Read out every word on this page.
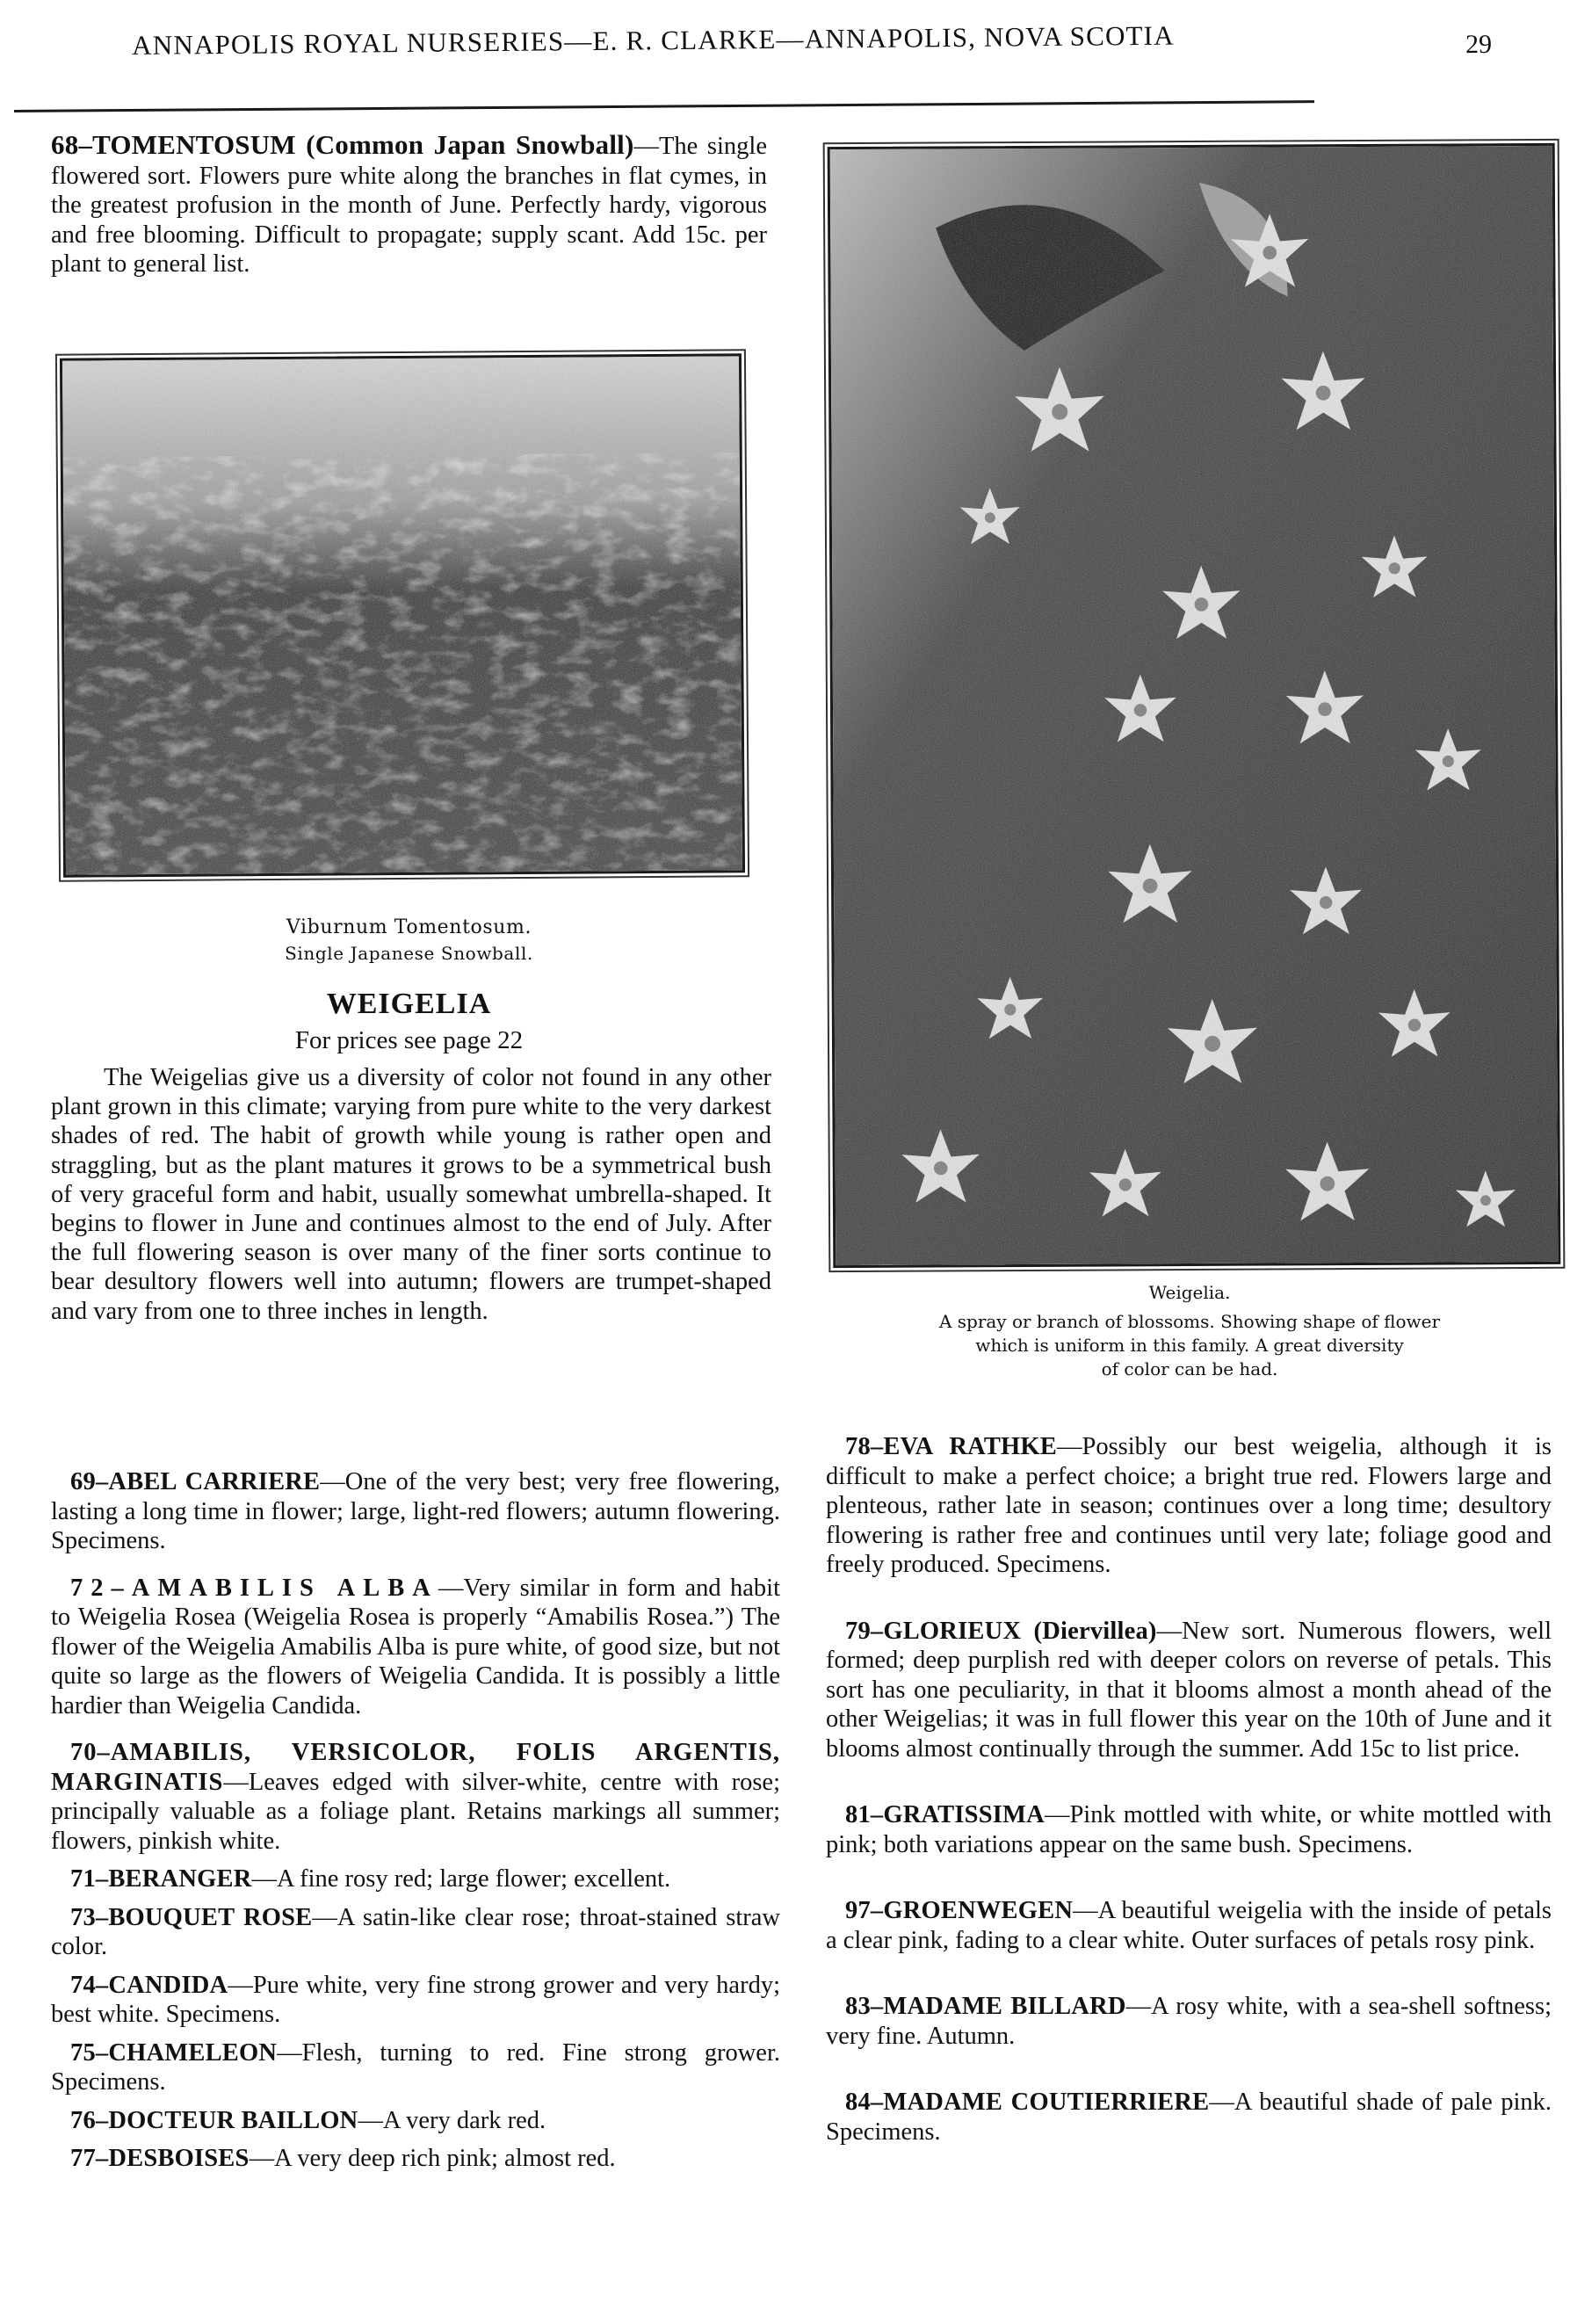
ANNAPOLIS ROYAL NURSERIES—E. R. CLARKE—ANNAPOLIS, NOVA SCOTIA	29

68–TOMENTOSUM (Common Japan Snowball)—The single flowered sort. Flowers pure white along the branches in flat cymes, in the greatest profusion in the month of June. Perfectly hardy, vigorous and free blooming. Difficult to propagate; supply scant. Add 15c. per plant to general list.

Viburnum Tomentosum.
Single Japanese Snowball.
WEIGELIA
For prices see page 22

The Weigelias give us a diversity of color not found in any other plant grown in this climate; varying from pure white to the very darkest shades of red. The habit of growth while young is rather open and straggling, but as the plant matures it grows to be a symmetrical bush of very graceful form and habit, usually somewhat umbrella-shaped. It begins to flower in June and continues almost to the end of July. After the full flowering season is over many of the finer sorts continue to bear desultory flowers well into autumn; flowers are trumpet-shaped and vary from one to three inches in length.

69–ABEL CARRIERE—One of the very best; very free flowering, lasting a long time in flower; large, light-red flowers; autumn flowering. Specimens.

72–AMABILIS ALBA—Very similar in form and habit to Weigelia Rosea (Weigelia Rosea is properly “Amabilis Rosea.”) The flower of the Weigelia Amabilis Alba is pure white, of good size, but not quite so large as the flowers of Weigelia Candida. It is possibly a little hardier than Weigelia Candida.

70–AMABILIS, VERSICOLOR, FOLIS ARGENTIS, MARGINATIS—Leaves edged with silver-white, centre with rose; principally valuable as a foliage plant. Retains markings all summer; flowers, pinkish white.

71–BERANGER—A fine rosy red; large flower; excellent.

73–BOUQUET ROSE—A satin-like clear rose; throat-stained straw color.

74–CANDIDA—Pure white, very fine strong grower and very hardy; best white. Specimens.

75–CHAMELEON—Flesh, turning to red. Fine strong grower. Specimens.

76–DOCTEUR BAILLON—A very dark red.

77–DESBOISES—A very deep rich pink; almost red.

Weigelia.
A spray or branch of blossoms. Showing shape of flower
which is uniform in this family. A great diversity
of color can be had.

78–EVA RATHKE—Possibly our best weigelia, although it is difficult to make a perfect choice; a bright true red. Flowers large and plenteous, rather late in season; continues over a long time; desultory flowering is rather free and continues until very late; foliage good and freely produced. Specimens.

79–GLORIEUX (Diervillea)—New sort. Numerous flowers, well formed; deep purplish red with deeper colors on reverse of petals. This sort has one peculiarity, in that it blooms almost a month ahead of the other Weigelias; it was in full flower this year on the 10th of June and it blooms almost continually through the summer. Add 15c to list price.

81–GRATISSIMA—Pink mottled with white, or white mottled with pink; both variations appear on the same bush. Specimens.

97–GROENWEGEN—A beautiful weigelia with the inside of petals a clear pink, fading to a clear white. Outer surfaces of petals rosy pink.

83–MADAME BILLARD—A rosy white, with a sea-shell softness; very fine. Autumn.

84–MADAME COUTIERRIERE—A beautiful shade of pale pink. Specimens.
